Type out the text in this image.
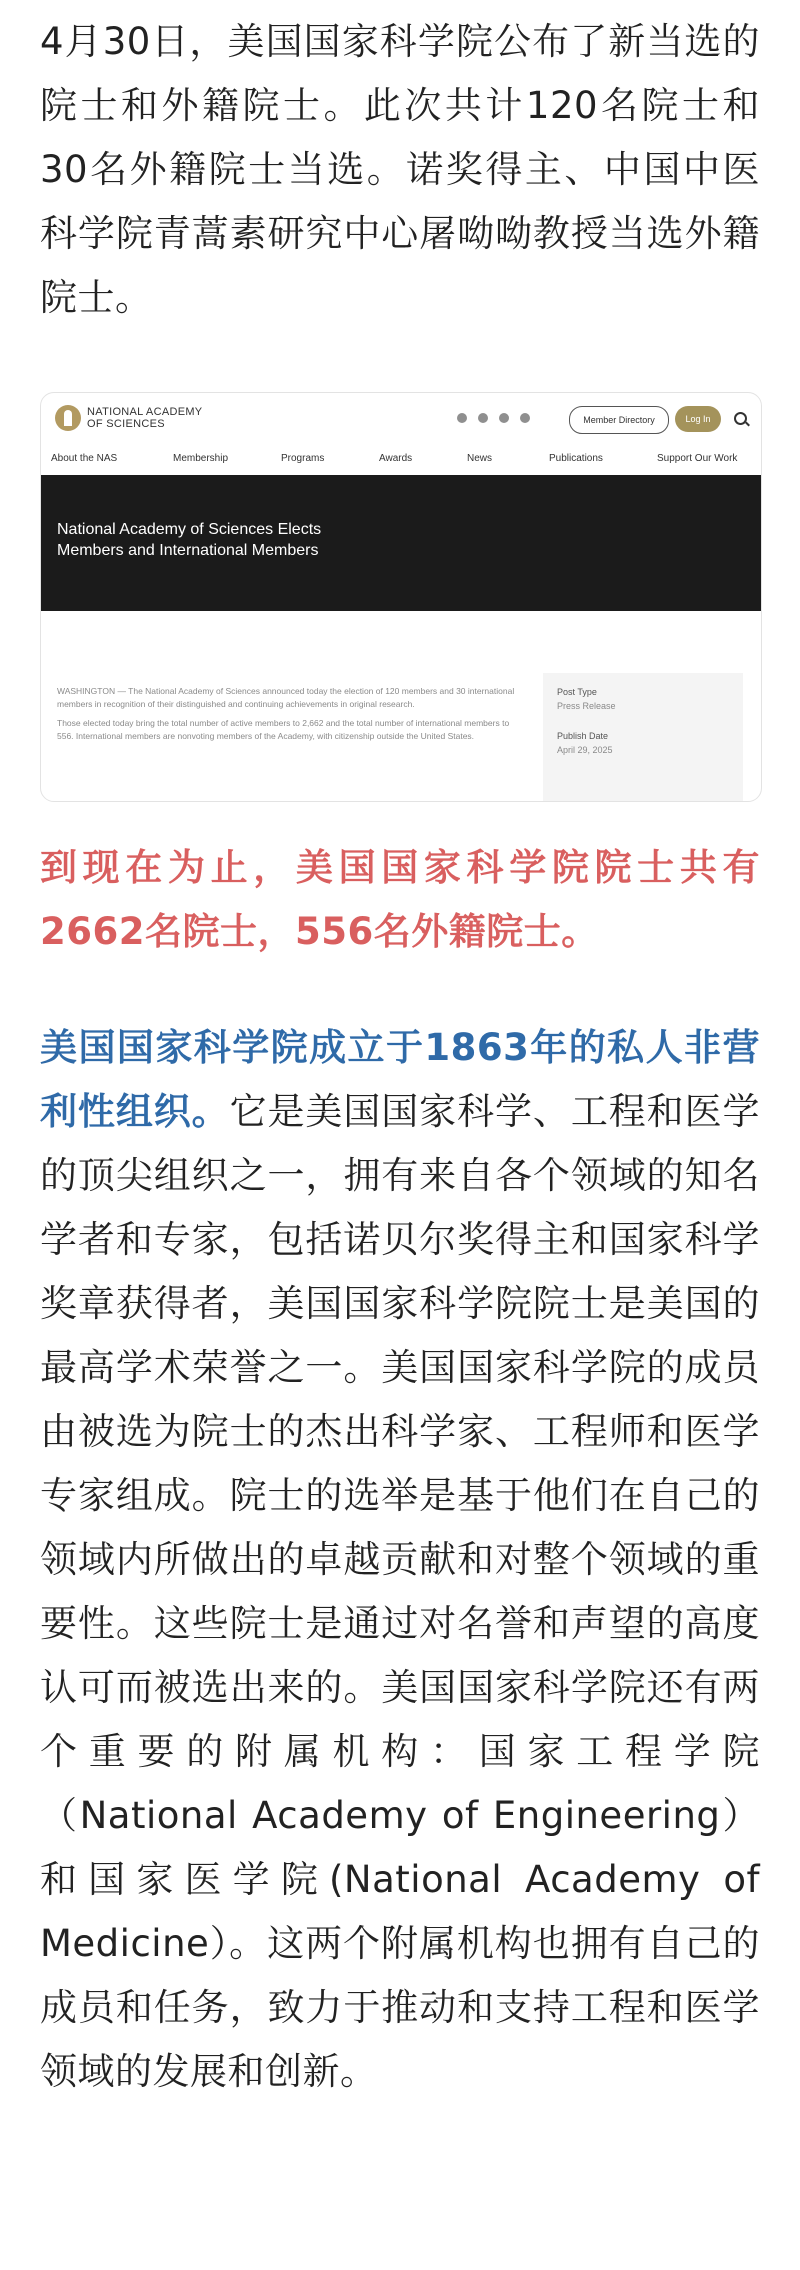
4月30日，美国国家科学院公布了新当选的院士和外籍院士。此次共计120名院士和30名外籍院士当选。诺奖得主、中国中医科学院青蒿素研究中心屠呦呦教授当选外籍院士。

NATIONAL ACADEMY
OF SCIENCES	Member Directory	Log In
About the NAS	Membership	Programs	Awards	News	Publications	Support Our Work
National Academy of Sciences Elects Members and International Members

WASHINGTON — The National Academy of Sciences announced today the election of 120 members and 30 international members in recognition of their distinguished and continuing achievements in original research.

Those elected today bring the total number of active members to 2,662 and the total number of international members to 556. International members are nonvoting members of the Academy, with citizenship outside the United States.

Post Type
Press Release
Publish Date
April 29, 2025

到现在为止，美国国家科学院院士共有2662名院士，556名外籍院士。

美国国家科学院成立于1863年的私人非营利性组织。它是美国国家科学、工程和医学的顶尖组织之一，拥有来自各个领域的知名学者和专家，包括诺贝尔奖得主和国家科学奖章获得者，美国国家科学院院士是美国的最高学术荣誉之一。美国国家科学院的成员由被选为院士的杰出科学家、工程师和医学专家组成。院士的选举是基于他们在自己的领域内所做出的卓越贡献和对整个领域的重要性。这些院士是通过对名誉和声望的高度认可而被选出来的。美国国家科学院还有两个重要的附属机构：国家工程学院（National Academy of Engineering）和国家医学院(National Academy of Medicine）。这两个附属机构也拥有自己的成员和任务，致力于推动和支持工程和医学领域的发展和创新。
